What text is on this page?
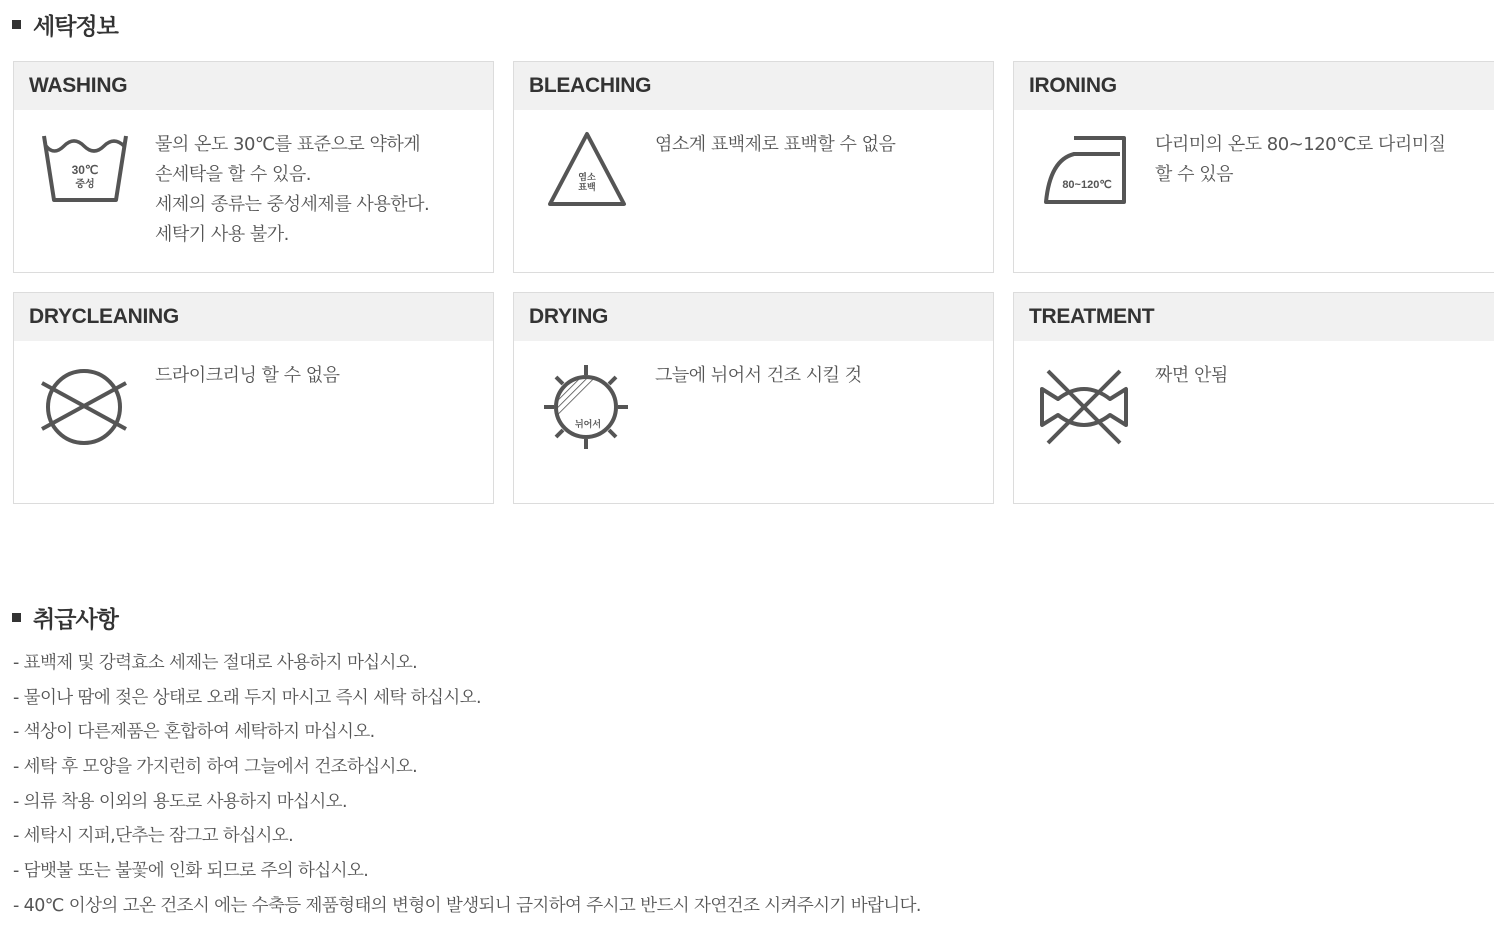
세탁정보
WASHING
30℃
중성
물의 온도 30℃를 표준으로 약하게
손세탁을 할 수 있음.
세제의 종류는 중성세제를 사용한다.
세탁기 사용 불가.
BLEACHING
염소
표백
염소계 표백제로 표백할 수 없음
IRONING
80~120℃
다리미의 온도 80~120℃로 다리미질
할 수 있음
DRYCLEANING
드라이크리닝 할 수 없음
DRYING
뉘어서
그늘에 뉘어서 건조 시킬 것
TREATMENT
짜면 안됨
취급사항
- 표백제 및 강력효소 세제는 절대로 사용하지 마십시오.
- 물이나 땀에 젖은 상태로 오래 두지 마시고 즉시 세탁 하십시오.
- 색상이 다른제품은 혼합하여 세탁하지 마십시오.
- 세탁 후 모양을 가지런히 하여 그늘에서 건조하십시오.
- 의류 착용 이외의 용도로 사용하지 마십시오.
- 세탁시 지퍼,단추는 잠그고 하십시오.
- 담뱃불 또는 불꽃에 인화 되므로 주의 하십시오.
- 40℃ 이상의 고온 건조시 에는 수축등 제품형태의 변형이 발생되니 금지하여 주시고 반드시 자연건조 시켜주시기 바랍니다.
